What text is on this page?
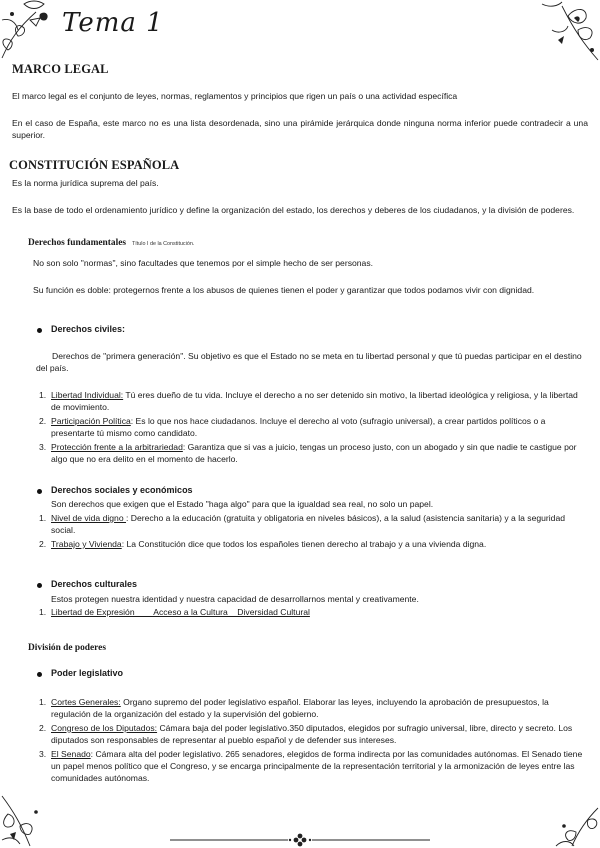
Tema 1
MARCO LEGAL

El marco legal es el conjunto de leyes, normas, reglamentos y principios que rigen un país o una actividad específica

En el caso de España, este marco no es una lista desordenada, sino una pirámide jerárquica donde ninguna norma inferior puede contradecir a una superior.

CONSTITUCIÓN ESPAÑOLA

Es la norma jurídica suprema del país.

Es la base de todo el ordenamiento jurídico y define la organización del estado, los derechos y deberes de los ciudadanos, y la división de poderes.

Derechos fundamentales Título I de la Constitución.

No son solo "normas", sino facultades que tenemos por el simple hecho de ser personas.

Su función es doble: protegernos frente a los abusos de quienes tienen el poder y garantizar que todos podamos vivir con dignidad.

Derechos civiles:

Derechos de "primera generación". Su objetivo es que el Estado no se meta en tu libertad personal y que tú puedas participar en el destino del país.

1. Libertad Individual: Tú eres dueño de tu vida. Incluye el derecho a no ser detenido sin motivo, la libertad ideológica y religiosa, y la libertad de movimiento.
2. Participación Política: Es lo que nos hace ciudadanos. Incluye el derecho al voto (sufragio universal), a crear partidos políticos o a presentarte tú mismo como candidato.
3. Protección frente a la arbitrariedad: Garantiza que si vas a juicio, tengas un proceso justo, con un abogado y sin que nadie te castigue por algo que no era delito en el momento de hacerlo.
Derechos sociales y económicos

Son derechos que exigen que el Estado "haga algo" para que la igualdad sea real, no solo un papel.

1. Nivel de vida digno : Derecho a la educación (gratuita y obligatoria en niveles básicos), a la salud (asistencia sanitaria) y a la seguridad social.
2. Trabajo y Vivienda: La Constitución dice que todos los españoles tienen derecho al trabajo y a una vivienda digna.
Derechos culturales

Estos protegen nuestra identidad y nuestra capacidad de desarrollarnos mental y creativamente.

1. Libertad de Expresión        Acceso a la Cultura    Diversidad Cultural
División de poderes
Poder legislativo
1. Cortes Generales: Organo supremo del poder legislativo español. Elaborar las leyes, incluyendo la aprobación de presupuestos, la regulación de la organización del estado y la supervisión del gobierno.
2. Congreso de los Diputados: Cámara baja del poder legislativo.350 diputados, elegidos por sufragio universal, libre, directo y secreto. Los diputados son responsables de representar al pueblo español y de defender sus intereses.
3. El Senado: Cámara alta del poder legislativo. 265 senadores, elegidos de forma indirecta por las comunidades autónomas. El Senado tiene un papel menos político que el Congreso, y se encarga principalmente de la representación territorial y la armonización de leyes entre las comunidades autónomas.
